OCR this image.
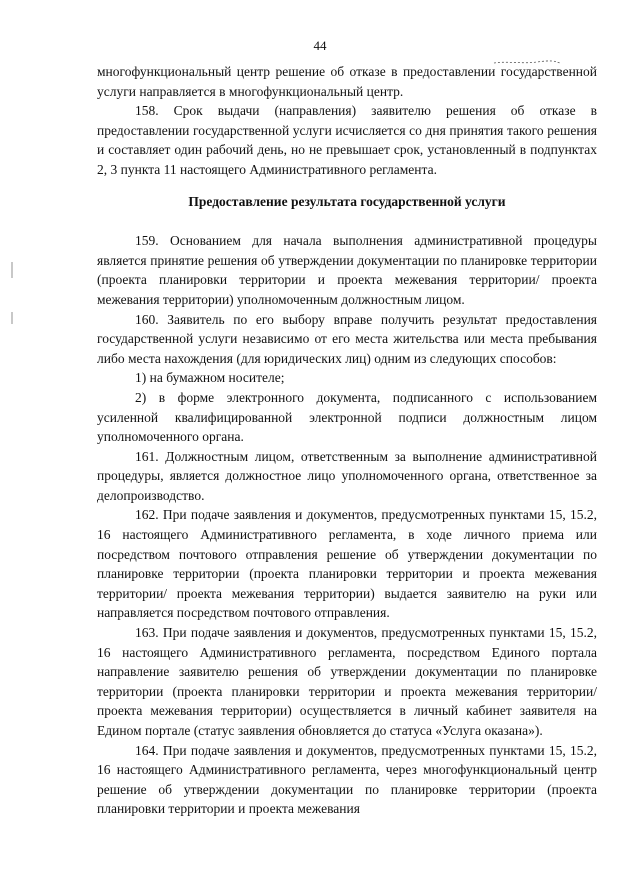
44

многофункциональный центр решение об отказе в предоставлении государственной услуги направляется в многофункциональный центр.

158. Срок выдачи (направления) заявителю решения об отказе в предоставлении государственной услуги исчисляется со дня принятия такого решения и составляет один рабочий день, но не превышает срок, установленный в подпунктах 2, 3 пункта 11 настоящего Административного регламента.

Предоставление результата государственной услуги

159. Основанием для начала выполнения административной процедуры является принятие решения об утверждении документации по планировке территории (проекта планировки территории и проекта межевания территории/ проекта межевания территории) уполномоченным должностным лицом.

160. Заявитель по его выбору вправе получить результат предоставления государственной услуги независимо от его места жительства или места пребывания либо места нахождения (для юридических лиц) одним из следующих способов:

1) на бумажном носителе;

2) в форме электронного документа, подписанного с использованием усиленной квалифицированной электронной подписи должностным лицом уполномоченного органа.

161. Должностным лицом, ответственным за выполнение административной процедуры, является должностное лицо уполномоченного органа, ответственное за делопроизводство.

162. При подаче заявления и документов, предусмотренных пунктами 15, 15.2, 16 настоящего Административного регламента, в ходе личного приема или посредством почтового отправления решение об утверждении документации по планировке территории (проекта планировки территории и проекта межевания территории/ проекта межевания территории) выдается заявителю на руки или направляется посредством почтового отправления.

163. При подаче заявления и документов, предусмотренных пунктами 15, 15.2, 16 настоящего Административного регламента, посредством Единого портала направление заявителю решения об утверждении документации по планировке территории (проекта планировки территории и проекта межевания территории/ проекта межевания территории) осуществляется в личный кабинет заявителя на Едином портале (статус заявления обновляется до статуса «Услуга оказана»).

164. При подаче заявления и документов, предусмотренных пунктами 15, 15.2, 16 настоящего Административного регламента, через многофункциональный центр решение об утверждении документации по планировке территории (проекта планировки территории и проекта межевания
